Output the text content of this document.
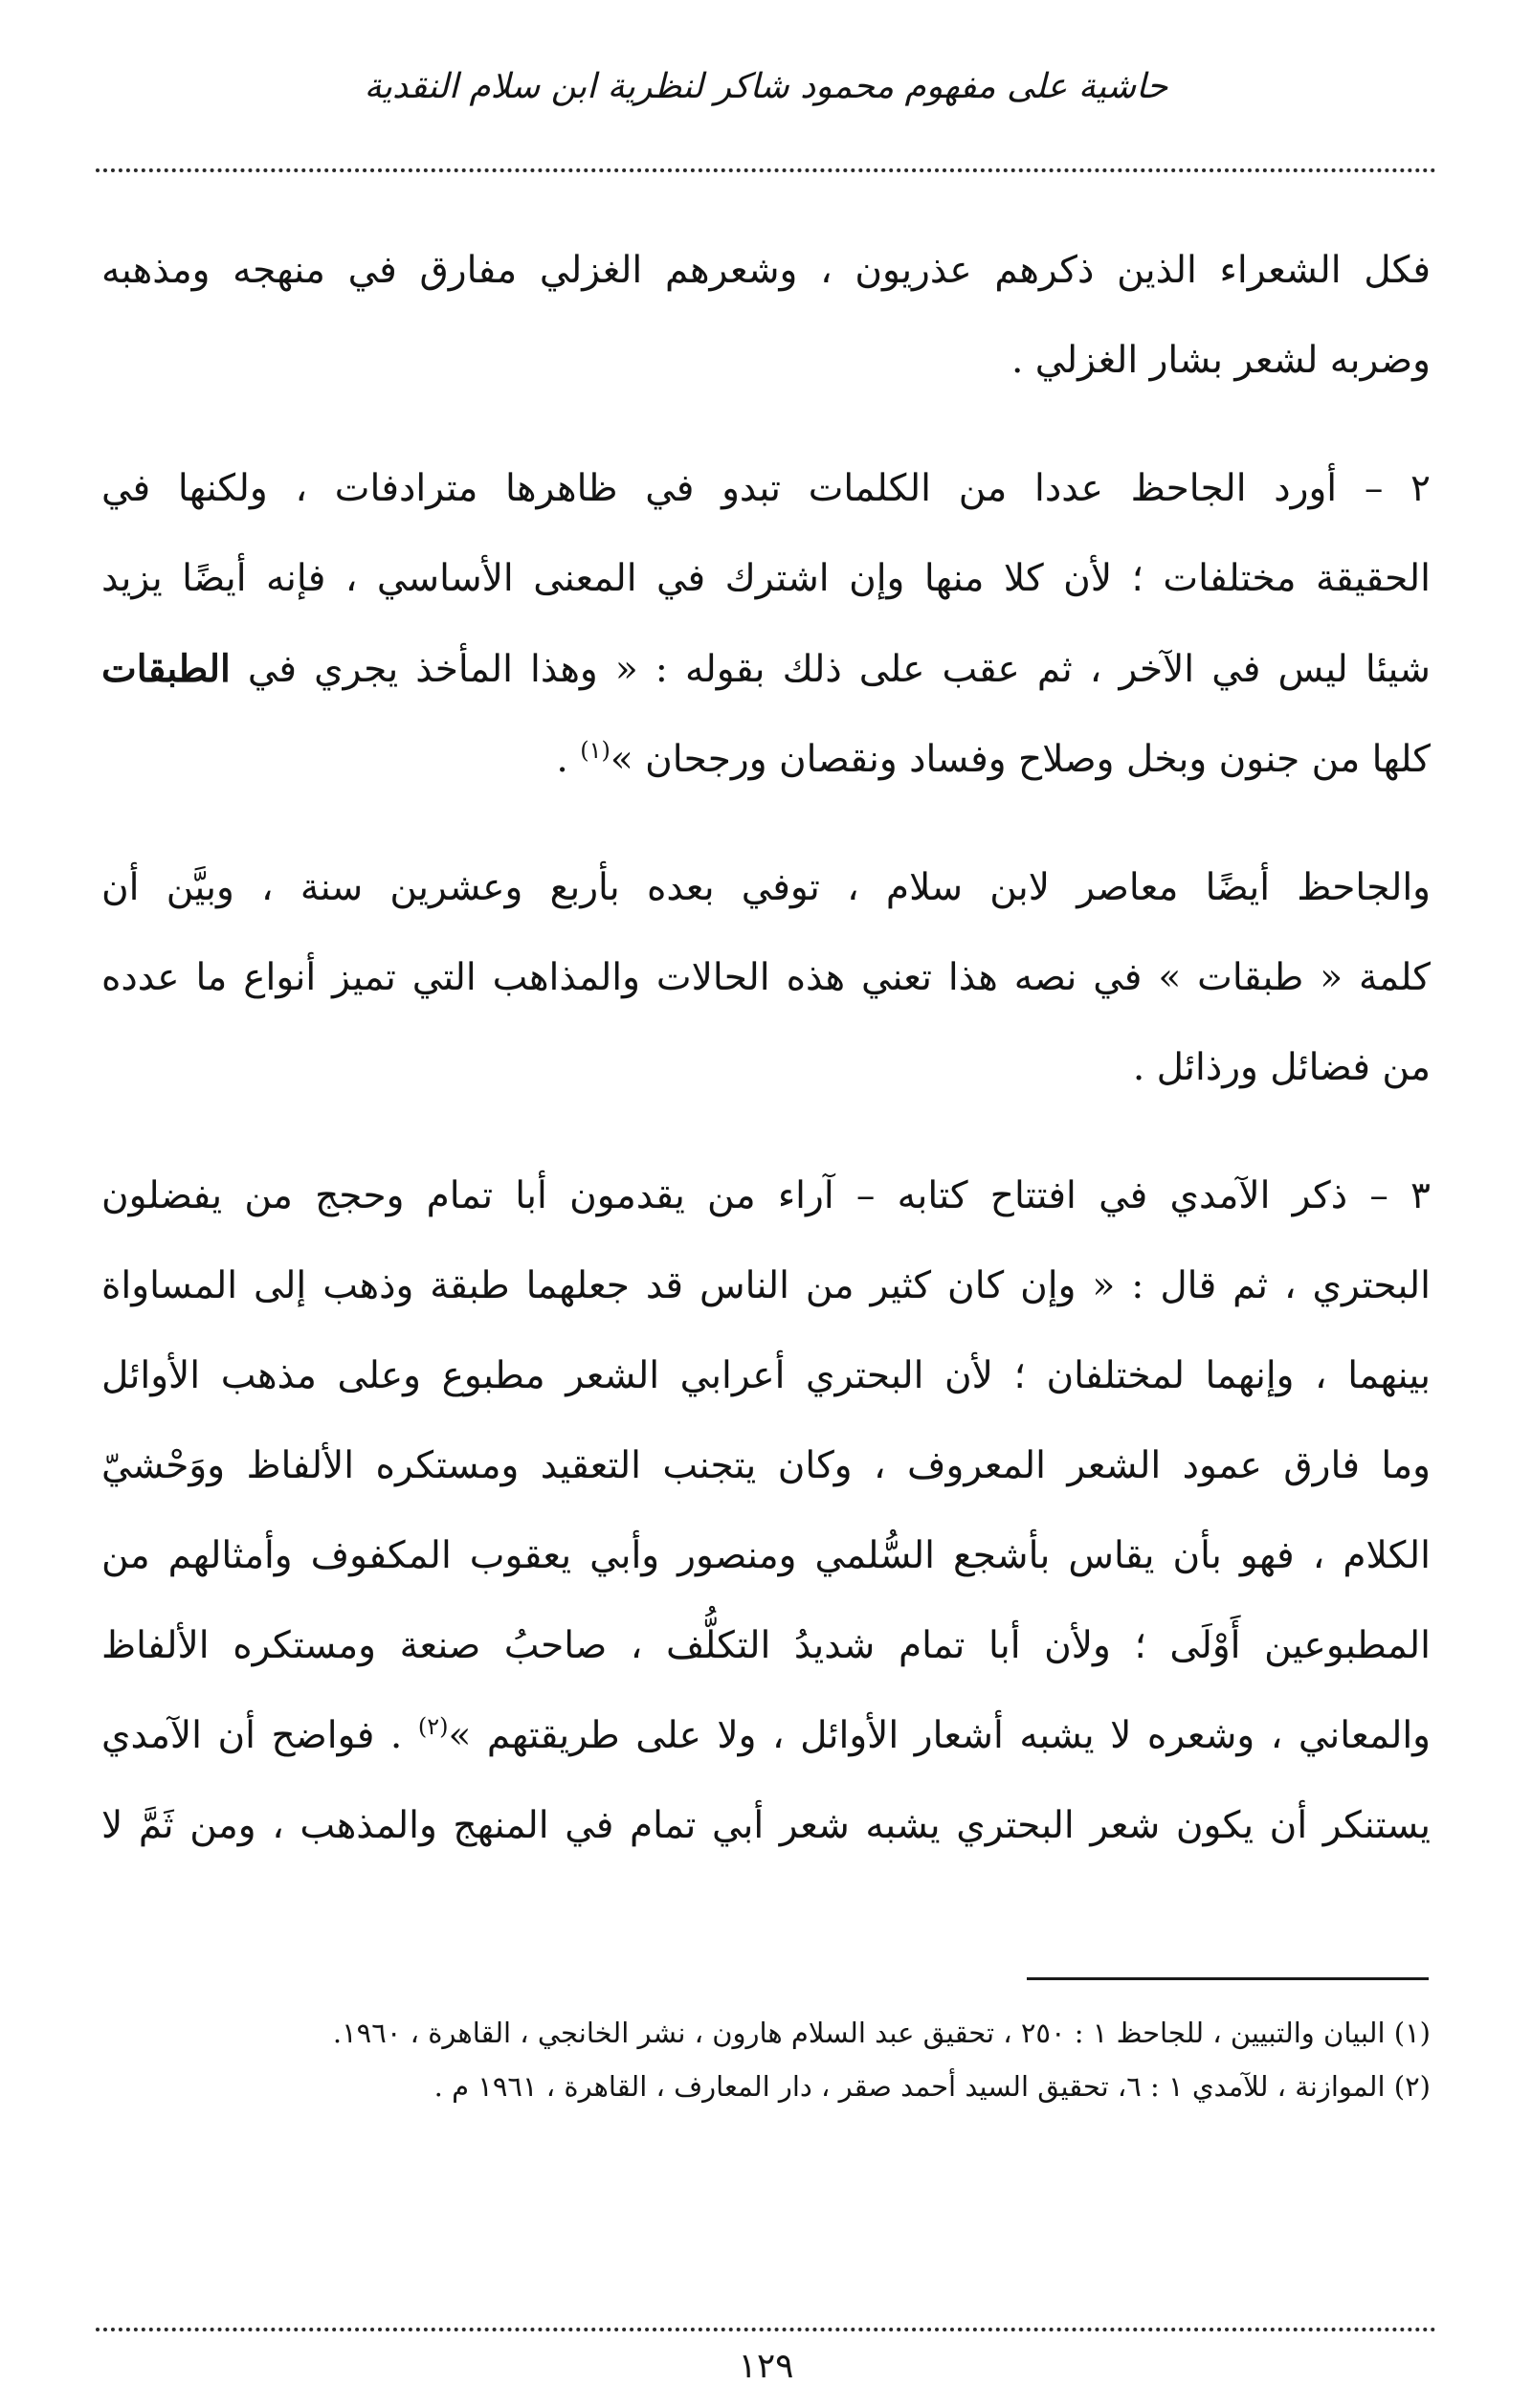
حاشية على مفهوم محمود شاكر لنظرية ابن سلام النقدية
فكل الشعراء الذين ذكرهم عذريون ، وشعرهم الغزلي مفارق في منهجه ومذهبه
وضربه لشعر بشار الغزلي .
٢ – أورد الجاحظ عددا من الكلمات تبدو في ظاهرها مترادفات ، ولكنها في
الحقيقة مختلفات ؛ لأن كلا منها وإن اشترك في المعنى الأساسي ، فإنه أيضًا يزيد
شيئا ليس في الآخر ، ثم عقب على ذلك بقوله : « وهذا المأخذ يجري في الطبقات
كلها من جنون وبخل وصلاح وفساد ونقصان ورجحان »$^{(١)}$ .
والجاحظ أيضًا معاصر لابن سلام ، توفي بعده بأربع وعشرين سنة ، وبيَّن أن
كلمة « طبقات » في نصه هذا تعني هذه الحالات والمذاهب التي تميز أنواع ما عدده
من فضائل ورذائل .
٣ – ذكر الآمدي في افتتاح كتابه – آراء من يقدمون أبا تمام وحجج من يفضلون
البحتري ، ثم قال : « وإن كان كثير من الناس قد جعلهما طبقة وذهب إلى المساواة
بينهما ، وإنهما لمختلفان ؛ لأن البحتري أعرابي الشعر مطبوع وعلى مذهب الأوائل
وما فارق عمود الشعر المعروف ، وكان يتجنب التعقيد ومستكره الألفاظ ووَحْشيّ
الكلام ، فهو بأن يقاس بأشجع السُّلمي ومنصور وأبي يعقوب المكفوف وأمثالهم من
المطبوعين أَوْلَى ؛ ولأن أبا تمام شديدُ التكلُّف ، صاحبُ صنعة ومستكره الألفاظ
والمعاني ، وشعره لا يشبه أشعار الأوائل ، ولا على طريقتهم »$^{(٢)}$ . فواضح أن الآمدي
يستنكر أن يكون شعر البحتري يشبه شعر أبي تمام في المنهج والمذهب ، ومن ثَمَّ لا
(١) البيان والتبيين ، للجاحظ ١ : ٢٥٠ ، تحقيق عبد السلام هارون ، نشر الخانجي ، القاهرة ، ١٩٦٠.
(٢) الموازنة ، للآمدي ١ : ٦، تحقيق السيد أحمد صقر ، دار المعارف ، القاهرة ، ١٩٦١ م .
١٢٩
